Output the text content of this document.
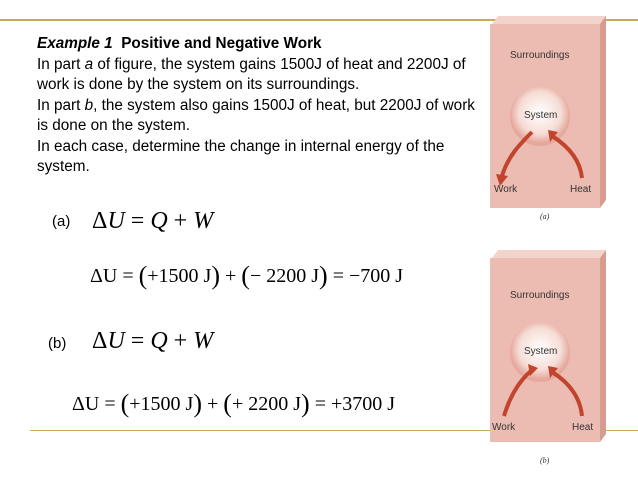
Example 1 Positive and Negative Work

In part a of figure, the system gains 1500J of heat and 2200J of work is done by the system on its surroundings.

In part b, the system also gains 1500J of heat, but 2200J of work is done on the system.

In each case, determine the change in internal energy of the system.

(a) ΔU = Q + W
ΔU = (+1500 J) + (− 2200 J) = −700 J
(b) ΔU = Q + W
ΔU = (+1500 J) + (+ 2200 J) = +3700 J
Surroundings
System
Work	Heat
(a)
Surroundings
System
Work	Heat
(b)
